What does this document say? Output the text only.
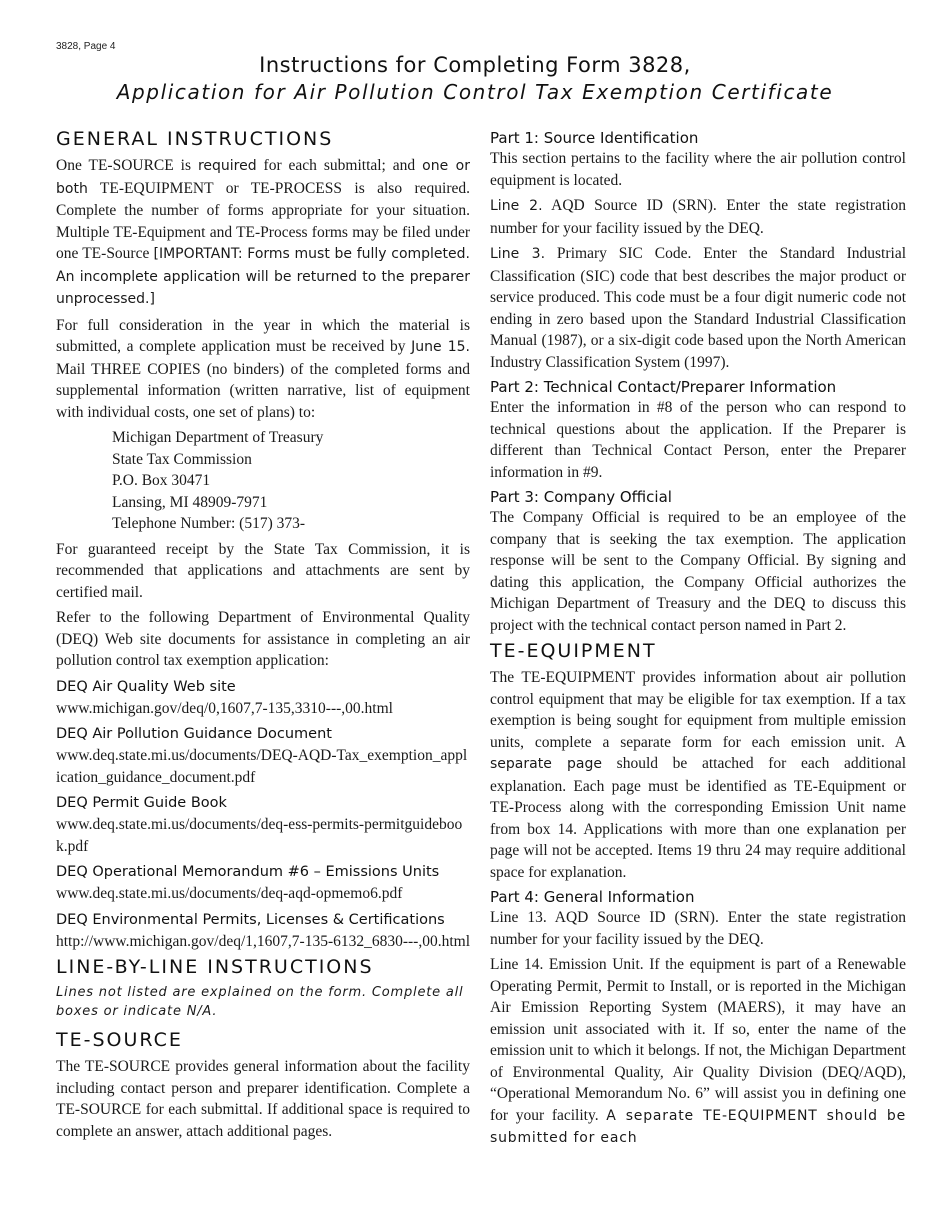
3828, Page 4
Instructions for Completing Form 3828,
Application for Air Pollution Control Tax Exemption Certificate
GENERAL INSTRUCTIONS

One TE-SOURCE is required for each submittal; and one or both TE-EQUIPMENT or TE-PROCESS is also required. Complete the number of forms appropriate for your situation. Multiple TE-Equipment and TE-Process forms may be filed under one TE-Source [IMPORTANT: Forms must be fully completed. An incomplete application will be returned to the preparer unprocessed.]

For full consideration in the year in which the material is submitted, a complete application must be received by June 15. Mail THREE COPIES (no binders) of the completed forms and supplemental information (written narrative, list of equipment with individual costs, one set of plans) to:

Michigan Department of Treasury
State Tax Commission
P.O. Box 30471
Lansing, MI 48909-7971
Telephone Number: (517) 373-

For guaranteed receipt by the State Tax Commission, it is recommended that applications and attachments are sent by certified mail.

Refer to the following Department of Environmental Quality (DEQ) Web site documents for assistance in completing an air pollution control tax exemption application:

DEQ Air Quality Web site
www.michigan.gov/deq/0,1607,7-135,3310---,00.html
DEQ Air Pollution Guidance Document
www.deq.state.mi.us/documents/DEQ-AQD-Tax_exemption_application_guidance_document.pdf
DEQ Permit Guide Book
www.deq.state.mi.us/documents/deq-ess-permits-permitguidebook.pdf
DEQ Operational Memorandum #6 – Emissions Units
www.deq.state.mi.us/documents/deq-aqd-opmemo6.pdf
DEQ Environmental Permits, Licenses & Certifications
http://www.michigan.gov/deq/1,1607,7-135-6132_6830---,00.html
LINE-BY-LINE INSTRUCTIONS
Lines not listed are explained on the form. Complete all boxes or indicate N/A.
TE-SOURCE

The TE-SOURCE provides general information about the facility including contact person and preparer identification. Complete a TE-SOURCE for each submittal. If additional space is required to complete an answer, attach additional pages.

Part 1: Source Identification

This section pertains to the facility where the air pollution control equipment is located.

Line 2. AQD Source ID (SRN). Enter the state registration number for your facility issued by the DEQ.

Line 3. Primary SIC Code. Enter the Standard Industrial Classification (SIC) code that best describes the major product or service produced. This code must be a four digit numeric code not ending in zero based upon the Standard Industrial Classification Manual (1987), or a six-digit code based upon the North American Industry Classification System (1997).

Part 2: Technical Contact/Preparer Information

Enter the information in #8 of the person who can respond to technical questions about the application. If the Preparer is different than Technical Contact Person, enter the Preparer information in #9.

Part 3: Company Official

The Company Official is required to be an employee of the company that is seeking the tax exemption. The application response will be sent to the Company Official. By signing and dating this application, the Company Official authorizes the Michigan Department of Treasury and the DEQ to discuss this project with the technical contact person named in Part 2.

TE-EQUIPMENT

The TE-EQUIPMENT provides information about air pollution control equipment that may be eligible for tax exemption. If a tax exemption is being sought for equipment from multiple emission units, complete a separate form for each emission unit. A separate page should be attached for each additional explanation. Each page must be identified as TE-Equipment or TE-Process along with the corresponding Emission Unit name from box 14. Applications with more than one explanation per page will not be accepted. Items 19 thru 24 may require additional space for explanation.

Part 4: General Information

Line 13. AQD Source ID (SRN). Enter the state registration number for your facility issued by the DEQ.

Line 14. Emission Unit. If the equipment is part of a Renewable Operating Permit, Permit to Install, or is reported in the Michigan Air Emission Reporting System (MAERS), it may have an emission unit associated with it. If so, enter the name of the emission unit to which it belongs. If not, the Michigan Department of Environmental Quality, Air Quality Division (DEQ/AQD), “Operational Memorandum No. 6” will assist you in defining one for your facility. A separate TE-EQUIPMENT should be submitted for each
